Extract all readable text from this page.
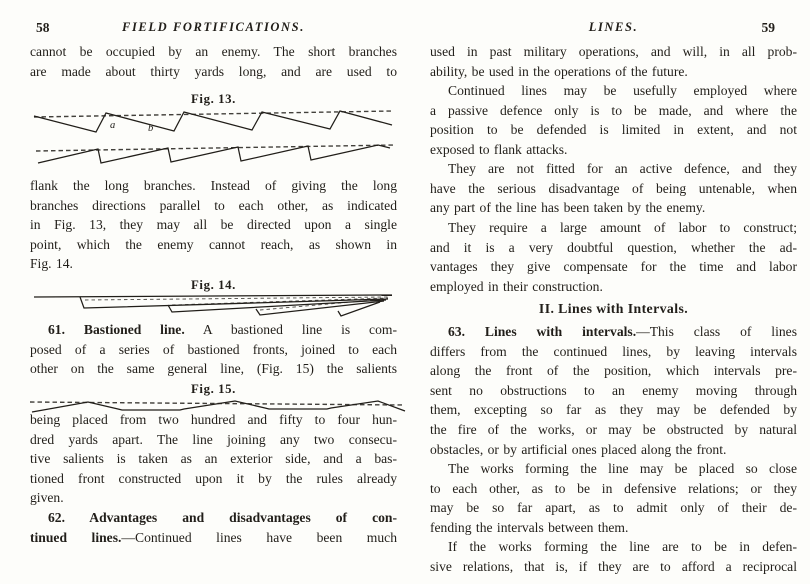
58	FIELD FORTIFICATIONS.
cannot be occupied by an enemy. The short branches
are made about thirty yards long, and are used to
Fig. 13.
a	b
flank the long branches. Instead of giving the long
branches directions parallel to each other, as indicated
in Fig. 13, they may all be directed upon a single
point, which the enemy cannot reach, as shown in
Fig. 14.
Fig. 14.
61. Bastioned line. A bastioned line is com-
posed of a series of bastioned fronts, joined to each
other on the same general line, (Fig. 15) the salients
Fig. 15.
being placed from two hundred and fifty to four hun-
dred yards apart. The line joining any two consecu-
tive salients is taken as an exterior side, and a bas-
tioned front constructed upon it by the rules already
given.
62. Advantages and disadvantages of con-
tinued lines.—Continued lines have been much
LINES.	59
used in past military operations, and will, in all prob-
ability, be used in the operations of the future.
Continued lines may be usefully employed where
a passive defence only is to be made, and where the
position to be defended is limited in extent, and not
exposed to flank attacks.
They are not fitted for an active defence, and they
have the serious disadvantage of being untenable, when
any part of the line has been taken by the enemy.
They require a large amount of labor to construct;
and it is a very doubtful question, whether the ad-
vantages they give compensate for the time and labor
employed in their construction.
II. Lines with Intervals.
63. Lines with intervals.—This class of lines
differs from the continued lines, by leaving intervals
along the front of the position, which intervals pre-
sent no obstructions to an enemy moving through
them, excepting so far as they may be defended by
the fire of the works, or may be obstructed by natural
obstacles, or by artificial ones placed along the front.
The works forming the line may be placed so close
to each other, as to be in defensive relations; or they
may be so far apart, as to admit only of their de-
fending the intervals between them.
If the works forming the line are to be in defen-
sive relations, that is, if they are to afford a reciprocal
